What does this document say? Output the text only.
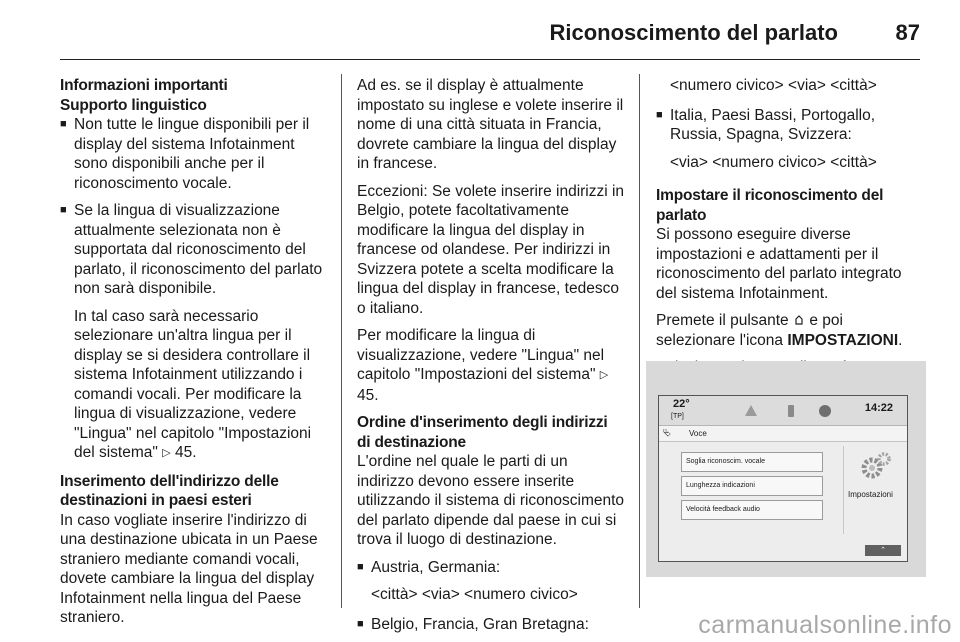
Riconoscimento del parlato	87
Informazioni importanti
Supporto linguistico
■ Non tutte le lingue disponibili per il display del sistema Infotainment sono disponibili anche per il riconoscimento vocale.
■ Se la lingua di visualizzazione attualmente selezionata non è supportata dal riconoscimento del parlato, il riconoscimento del parlato non sarà disponibile.
In tal caso sarà necessario selezionare un'altra lingua per il display se si desidera controllare il sistema Infotainment utilizzando i comandi vocali. Per modificare la lingua di visualizzazione, vedere "Lingua" nel capitolo "Impostazioni del sistema" ▷ 45.
Inserimento dell'indirizzo delle destinazioni in paesi esteri
In caso vogliate inserire l'indirizzo di una destinazione ubicata in un Paese straniero mediante comandi vocali, dovete cambiare la lingua del display Infotainment nella lingua del Paese straniero.
Ad es. se il display è attualmente impostato su inglese e volete inserire il nome di una città situata in Francia, dovrete cambiare la lingua del display in francese.
Eccezioni: Se volete inserire indirizzi in Belgio, potete facoltativamente modificare la lingua del display in francese od olandese. Per indirizzi in Svizzera potete a scelta modificare la lingua del display in francese, tedesco o italiano.
Per modificare la lingua di visualizzazione, vedere "Lingua" nel capitolo "Impostazioni del sistema" ▷ 45.
Ordine d'inserimento degli indirizzi di destinazione
L'ordine nel quale le parti di un indirizzo devono essere inserite utilizzando il sistema di riconoscimento del parlato dipende dal paese in cui si trova il luogo di destinazione.
■ Austria, Germania:
<città> <via> <numero civico>
■ Belgio, Francia, Gran Bretagna:
<numero civico> <via> <città>
■ Italia, Paesi Bassi, Portogallo, Russia, Spagna, Svizzera:
<via> <numero civico> <città>
Impostare il riconoscimento del parlato
Si possono eseguire diverse impostazioni e adattamenti per il riconoscimento del parlato integrato del sistema Infotainment.
Premete il pulsante e poi selezionare l'icona IMPOSTAZIONI.
22°
[TP]
14:22
⮱ Voce
Soglia riconoscim. vocale
Lunghezza indicazioni
Velocità feedback audio
Impostazioni
⌃
carmanualsonline.info
